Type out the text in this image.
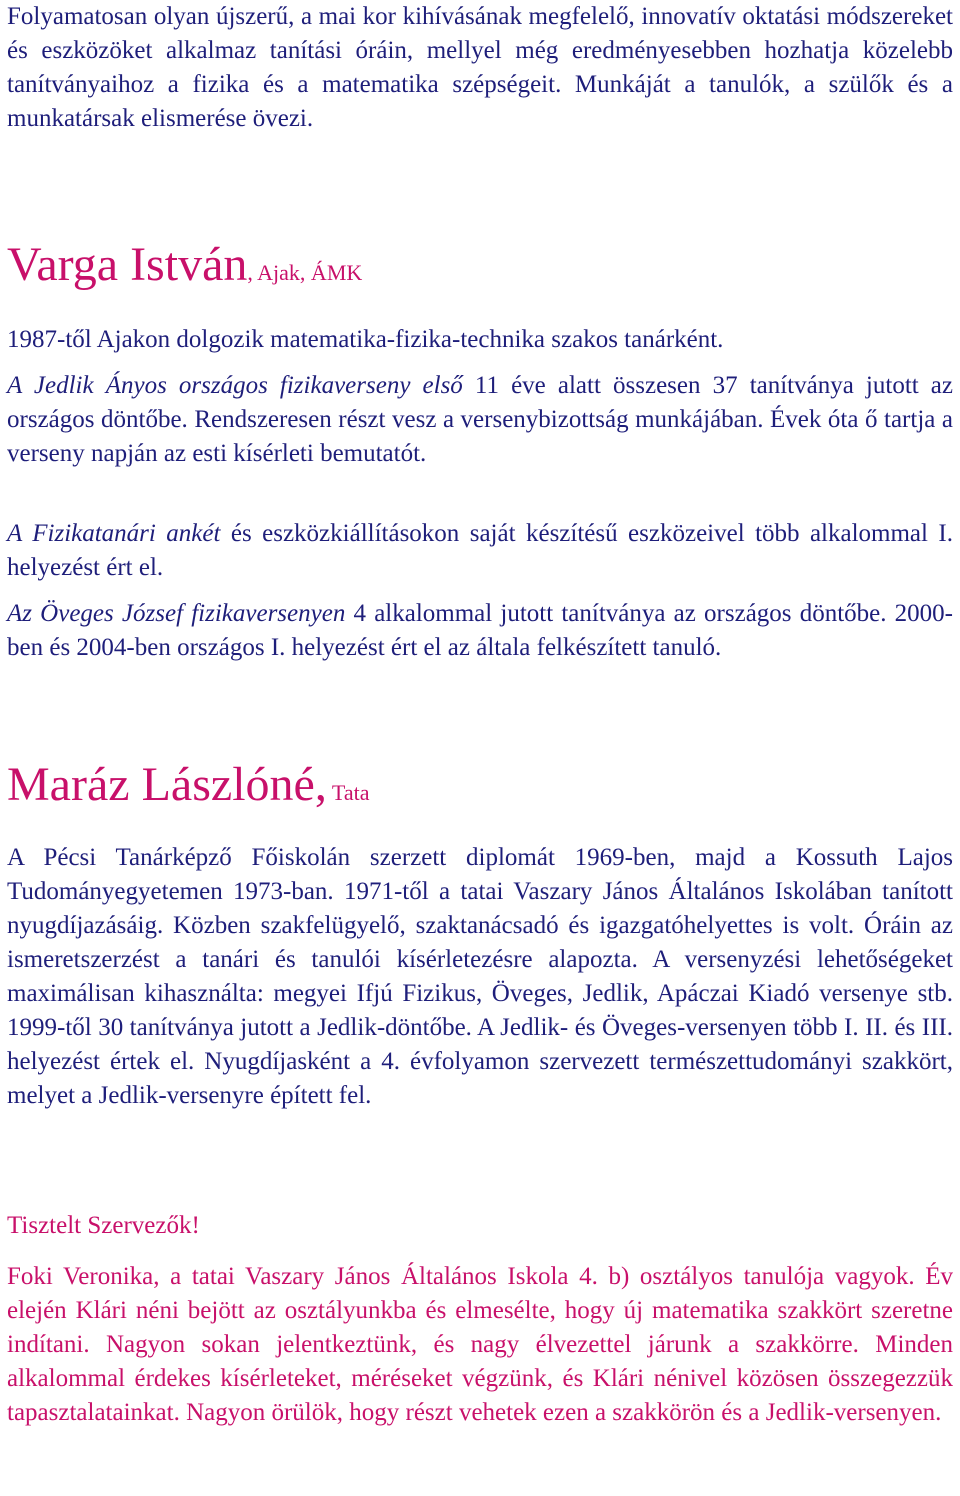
Folyamatosan olyan újszerű, a mai kor kihívásának megfelelő, innovatív oktatási módszereket és eszközöket alkalmaz tanítási óráin, mellyel még eredményesebben hozhatja közelebb tanítványaihoz a fizika és a matematika szépségeit. Munkáját a tanulók, a szülők és a munkatársak elismerése övezi.

Varga István, Ajak, ÁMK

1987-től Ajakon dolgozik matematika-fizika-technika szakos tanárként.

A Jedlik Ányos országos fizikaverseny első 11 éve alatt összesen 37 tanítványa jutott az országos döntőbe. Rendszeresen részt vesz a versenybizottság munkájában. Évek óta ő tartja a verseny napján az esti kísérleti bemutatót.

A Fizikatanári ankét és eszközkiállításokon saját készítésű eszközeivel több alkalommal I. helyezést ért el.

Az Öveges József fizikaversenyen 4 alkalommal jutott tanítványa az országos döntőbe. 2000-ben és 2004-ben országos I. helyezést ért el az általa felkészített tanuló.

Maráz Lászlóné, Tata

A Pécsi Tanárképző Főiskolán szerzett diplomát 1969-ben, majd a Kossuth Lajos Tudományegyetemen 1973-ban. 1971-től a tatai Vaszary János Általános Iskolában tanított nyugdíjazásáig. Közben szakfelügyelő, szaktanácsadó és igazgatóhelyettes is volt. Óráin az ismeretszerzést a tanári és tanulói kísérletezésre alapozta. A versenyzési lehetőségeket maximálisan kihasználta: megyei Ifjú Fizikus, Öveges, Jedlik, Apáczai Kiadó versenye stb. 1999-től 30 tanítványa jutott a Jedlik-döntőbe. A Jedlik- és Öveges-versenyen több I. II. és III. helyezést értek el. Nyugdíjasként a 4. évfolyamon szervezett természettudományi szakkört, melyet a Jedlik-versenyre épített fel.

Tisztelt Szervezők!

Foki Veronika, a tatai Vaszary János Általános Iskola 4. b) osztályos tanulója vagyok. Év elején Klári néni bejött az osztályunkba és elmesélte, hogy új matematika szakkört szeretne indítani. Nagyon sokan jelentkeztünk, és nagy élvezettel járunk a szakkörre. Minden alkalommal érdekes kísérleteket, méréseket végzünk, és Klári nénivel közösen összegezzük tapasztalatainkat. Nagyon örülök, hogy részt vehetek ezen a szakkörön és a Jedlik-versenyen.
